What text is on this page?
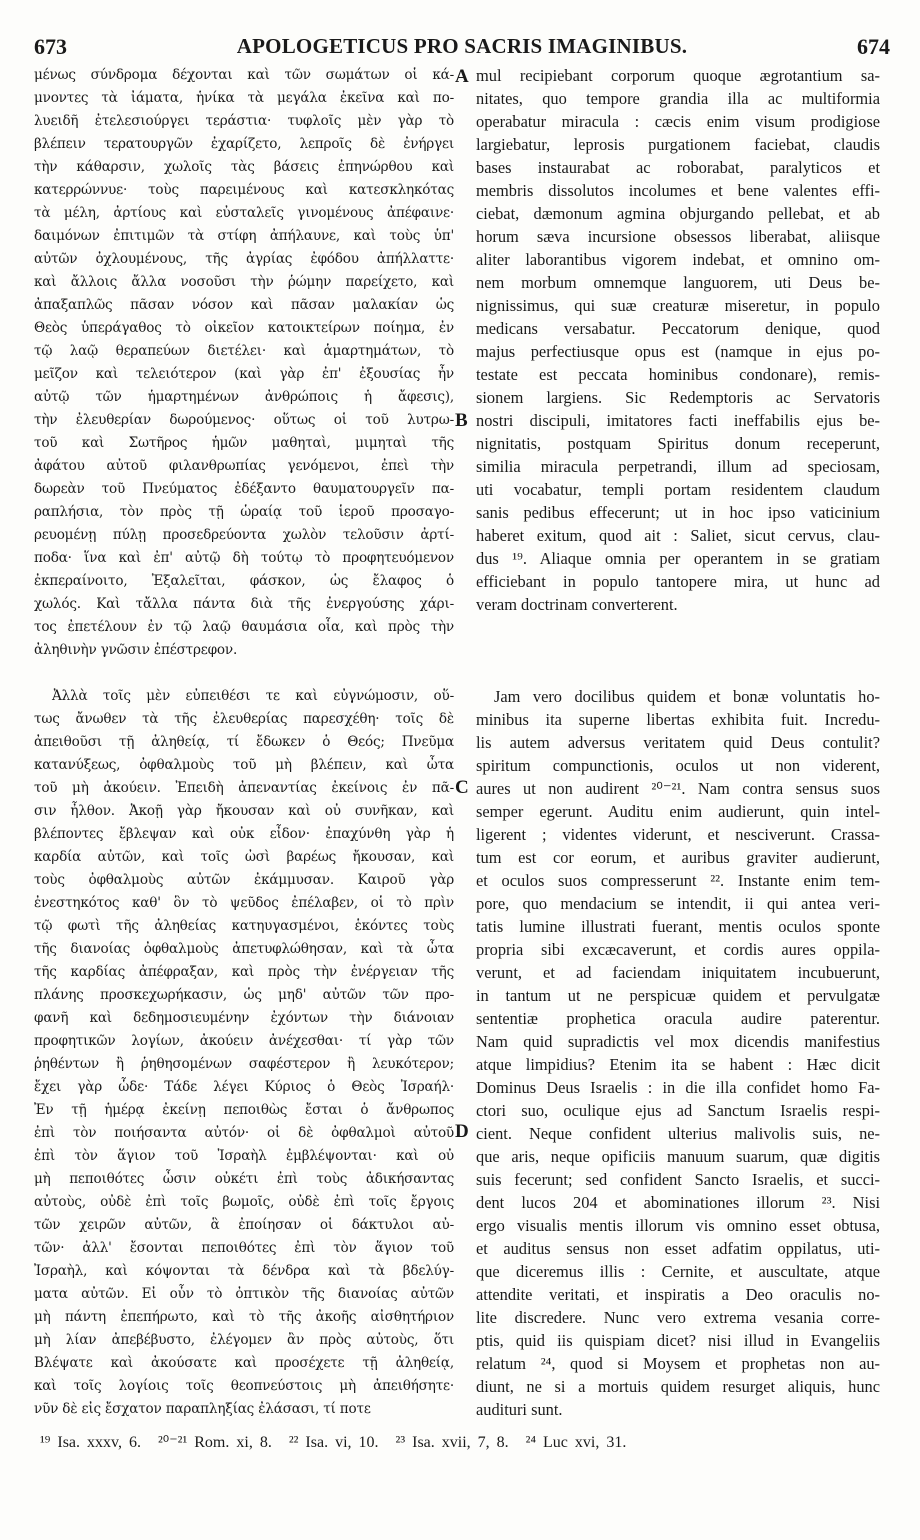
673	APOLOGETICUS PRO SACRIS IMAGINIBUS.	674
μένως σύνδρομα δέχονται καὶ τῶν σωμάτων οἱ κά-
μνοντες τὰ ἰάματα, ἡνίκα τὰ μεγάλα ἐκεῖνα καὶ πο-
λυειδῆ ἐτελεσιούργει τεράστια· τυφλοῖς μὲν γὰρ τὸ
βλέπειν τερατουργῶν ἐχαρίζετο, λεπροῖς δὲ ἐνήργει
τὴν κάθαρσιν, χωλοῖς τὰς βάσεις ἐπηνώρθου καὶ
κατερρώννυε· τοὺς παρειμένους καὶ κατεσκληκότας
τὰ μέλη, ἀρτίους καὶ εὐσταλεῖς γινομένους ἀπέφαινε·
δαιμόνων ἐπιτιμῶν τὰ στίφη ἀπήλαυνε, καὶ τοὺς ὑπ'
αὐτῶν ὀχλουμένους, τῆς ἀγρίας ἐφόδου ἀπήλλαττε·
καὶ ἄλλοις ἄλλα νοσοῦσι τὴν ῥώμην παρείχετο, καὶ
ἀπαξαπλῶς πᾶσαν νόσον καὶ πᾶσαν μαλακίαν ὡς
Θεὸς ὑπεράγαθος τὸ οἰκεῖον κατοικτείρων ποίημα, ἐν
τῷ λαῷ θεραπεύων διετέλει· καὶ ἁμαρτημάτων, τὸ
μεῖζον καὶ τελειότερον (καὶ γὰρ ἐπ' ἐξουσίας ἦν
αὐτῷ τῶν ἡμαρτημένων ἀνθρώποις ἡ ἄφεσις),
τὴν ἐλευθερίαν δωρούμενος· οὕτως οἱ τοῦ λυτρω-
τοῦ καὶ Σωτῆρος ἡμῶν μαθηταὶ, μιμηταὶ τῆς
ἀφάτου αὐτοῦ φιλανθρωπίας γενόμενοι, ἐπεὶ τὴν
δωρεὰν τοῦ Πνεύματος ἐδέξαντο θαυματουργεῖν πα-
ραπλήσια, τὸν πρὸς τῇ ὡραίᾳ τοῦ ἱεροῦ προσαγο-
ρευομένῃ πύλῃ προσεδρεύοντα χωλὸν τελοῦσιν ἀρτί-
ποδα· ἵνα καὶ ἐπ' αὐτῷ δὴ τούτῳ τὸ προφητευόμενον
ἐκπεραίνοιτο, Ἐξαλεῖται, φάσκον, ὡς ἔλαφος ὁ
χωλός. Καὶ τἄλλα πάντα διὰ τῆς ἐνεργούσης χάρι-
τος ἐπετέλουν ἐν τῷ λαῷ θαυμάσια οἷα, καὶ πρὸς τὴν
ἀληθινὴν γνῶσιν ἐπέστρεφον.
Ἀλλὰ τοῖς μὲν εὐπειθέσι τε καὶ εὐγνώμοσιν, οὕ-
τως ἄνωθεν τὰ τῆς ἐλευθερίας παρεσχέθη· τοῖς δὲ
ἀπειθοῦσι τῇ ἀληθείᾳ, τί ἔδωκεν ὁ Θεός; Πνεῦμα
κατανύξεως, ὀφθαλμοὺς τοῦ μὴ βλέπειν, καὶ ὦτα
τοῦ μὴ ἀκούειν. Ἐπειδὴ ἀπεναντίας ἐκείνοις ἐν πᾶ-
σιν ἦλθον. Ἀκοῇ γὰρ ἤκουσαν καὶ οὐ συνῆκαν, καὶ
βλέποντες ἔβλεψαν καὶ οὐκ εἶδον· ἐπαχύνθη γὰρ ἡ
καρδία αὐτῶν, καὶ τοῖς ὠσὶ βαρέως ἤκουσαν, καὶ
τοὺς ὀφθαλμοὺς αὐτῶν ἐκάμμυσαν. Καιροῦ γὰρ
ἐνεστηκότος καθ' ὃν τὸ ψεῦδος ἐπέλαβεν, οἱ τὸ πρὶν
τῷ φωτὶ τῆς ἀληθείας κατηυγασμένοι, ἑκόντες τοὺς
τῆς διανοίας ὀφθαλμοὺς ἀπετυφλώθησαν, καὶ τὰ ὦτα
τῆς καρδίας ἀπέφραξαν, καὶ πρὸς τὴν ἐνέργειαν τῆς
πλάνης προσκεχωρήκασιν, ὡς μηδ' αὐτῶν τῶν προ-
φανῆ καὶ δεδημοσιευμένην ἐχόντων τὴν διάνοιαν
προφητικῶν λογίων, ἀκούειν ἀνέχεσθαι· τί γὰρ τῶν
ῥηθέντων ἢ ῥηθησομένων σαφέστερον ἢ λευκότερον;
ἔχει γὰρ ὧδε· Τάδε λέγει Κύριος ὁ Θεὸς Ἰσραήλ·
Ἐν τῇ ἡμέρᾳ ἐκείνῃ πεποιθὼς ἔσται ὁ ἄνθρωπος
ἐπὶ τὸν ποιήσαντα αὐτόν· οἱ δὲ ὀφθαλμοὶ αὐτοῦ
ἐπὶ τὸν ἅγιον τοῦ Ἰσραὴλ ἐμβλέψονται· καὶ οὐ
μὴ πεποιθότες ὦσιν οὐκέτι ἐπὶ τοὺς ἀδικήσαντας
αὐτοὺς, οὐδὲ ἐπὶ τοῖς βωμοῖς, οὐδὲ ἐπὶ τοῖς ἔργοις
τῶν χειρῶν αὐτῶν, ἃ ἐποίησαν οἱ δάκτυλοι αὐ-
τῶν· ἀλλ' ἔσονται πεποιθότες ἐπὶ τὸν ἅγιον τοῦ
Ἰσραὴλ, καὶ κόψονται τὰ δένδρα καὶ τὰ βδελύγ-
ματα αὐτῶν. Εἰ οὖν τὸ ὀπτικὸν τῆς διανοίας αὐτῶν
μὴ πάντη ἐπεπήρωτο, καὶ τὸ τῆς ἀκοῆς αἰσθητήριον
μὴ λίαν ἀπεβέβυστο, ἐλέγομεν ἂν πρὸς αὐτοὺς, ὅτι
Βλέψατε καὶ ἀκούσατε καὶ προσέχετε τῇ ἀληθείᾳ,
καὶ τοῖς λογίοις τοῖς θεοπνεύστοις μὴ ἀπειθήσητε·
νῦν δὲ εἰς ἔσχατον παραπληξίας ἐλάσασι, τί ποτε
mul recipiebant corporum quoque ægrotantium sa-
nitates, quo tempore grandia illa ac multiformia
operabatur miracula : cæcis enim visum prodigiose
largiebatur, leprosis purgationem faciebat, claudis
bases instaurabat ac roborabat, paralyticos et
membris dissolutos incolumes et bene valentes effi-
ciebat, dæmonum agmina objurgando pellebat, et ab
horum sæva incursione obsessos liberabat, aliisque
aliter laborantibus vigorem indebat, et omnino om-
nem morbum omnemque languorem, uti Deus be-
nignissimus, qui suæ creaturæ miseretur, in populo
medicans versabatur. Peccatorum denique, quod
majus perfectiusque opus est (namque in ejus po-
testate est peccata hominibus condonare), remis-
sionem largiens. Sic Redemptoris ac Servatoris
nostri discipuli, imitatores facti ineffabilis ejus be-
nignitatis, postquam Spiritus donum receperunt,
similia miracula perpetrandi, illum ad speciosam,
uti vocabatur, templi portam residentem claudum
sanis pedibus effecerunt; ut in hoc ipso vaticinium
haberet exitum, quod ait : Saliet, sicut cervus, clau-
dus ¹⁹. Aliaque omnia per operantem in se gratiam
efficiebant in populo tantopere mira, ut hunc ad
veram doctrinam converterent.
Jam vero docilibus quidem et bonæ voluntatis ho-
minibus ita superne libertas exhibita fuit. Incredu-
lis autem adversus veritatem quid Deus contulit?
spiritum compunctionis, oculos ut non viderent,
aures ut non audirent ²⁰⁻²¹. Nam contra sensus suos
semper egerunt. Auditu enim audierunt, quin intel-
ligerent ; videntes viderunt, et nesciverunt. Crassa-
tum est cor eorum, et auribus graviter audierunt,
et oculos suos compresserunt ²². Instante enim tem-
pore, quo mendacium se intendit, ii qui antea veri-
tatis lumine illustrati fuerant, mentis oculos sponte
propria sibi excæcaverunt, et cordis aures oppila-
verunt, et ad faciendam iniquitatem incubuerunt,
in tantum ut ne perspicuæ quidem et pervulgatæ
sententiæ prophetica oracula audire paterentur.
Nam quid supradictis vel mox dicendis manifestius
atque limpidius? Etenim ita se habent : Hæc dicit
Dominus Deus Israelis : in die illa confidet homo Fa-
ctori suo, oculique ejus ad Sanctum Israelis respi-
cient. Neque confident ulterius malivolis suis, ne-
que aris, neque opificiis manuum suarum, quæ digitis
suis fecerunt; sed confident Sancto Israelis, et succi-
dent lucos 204 et abominationes illorum ²³. Nisi
ergo visualis mentis illorum vis omnino esset obtusa,
et auditus sensus non esset adfatim oppilatus, uti-
que diceremus illis : Cernite, et auscultate, atque
attendite veritati, et inspiratis a Deo oraculis no-
lite discredere. Nunc vero extrema vesania corre-
ptis, quid iis quispiam dicet? nisi illud in Evangeliis
relatum ²⁴, quod si Moysem et prophetas non au-
diunt, ne si a mortuis quidem resurget aliquis, hunc
audituri sunt.
A
B
C
D
¹⁹ Isa. xxxv, 6. ²⁰⁻²¹ Rom. xi, 8. ²² Isa. vi, 10. ²³ Isa. xvii, 7, 8. ²⁴ Luc xvi, 31.
